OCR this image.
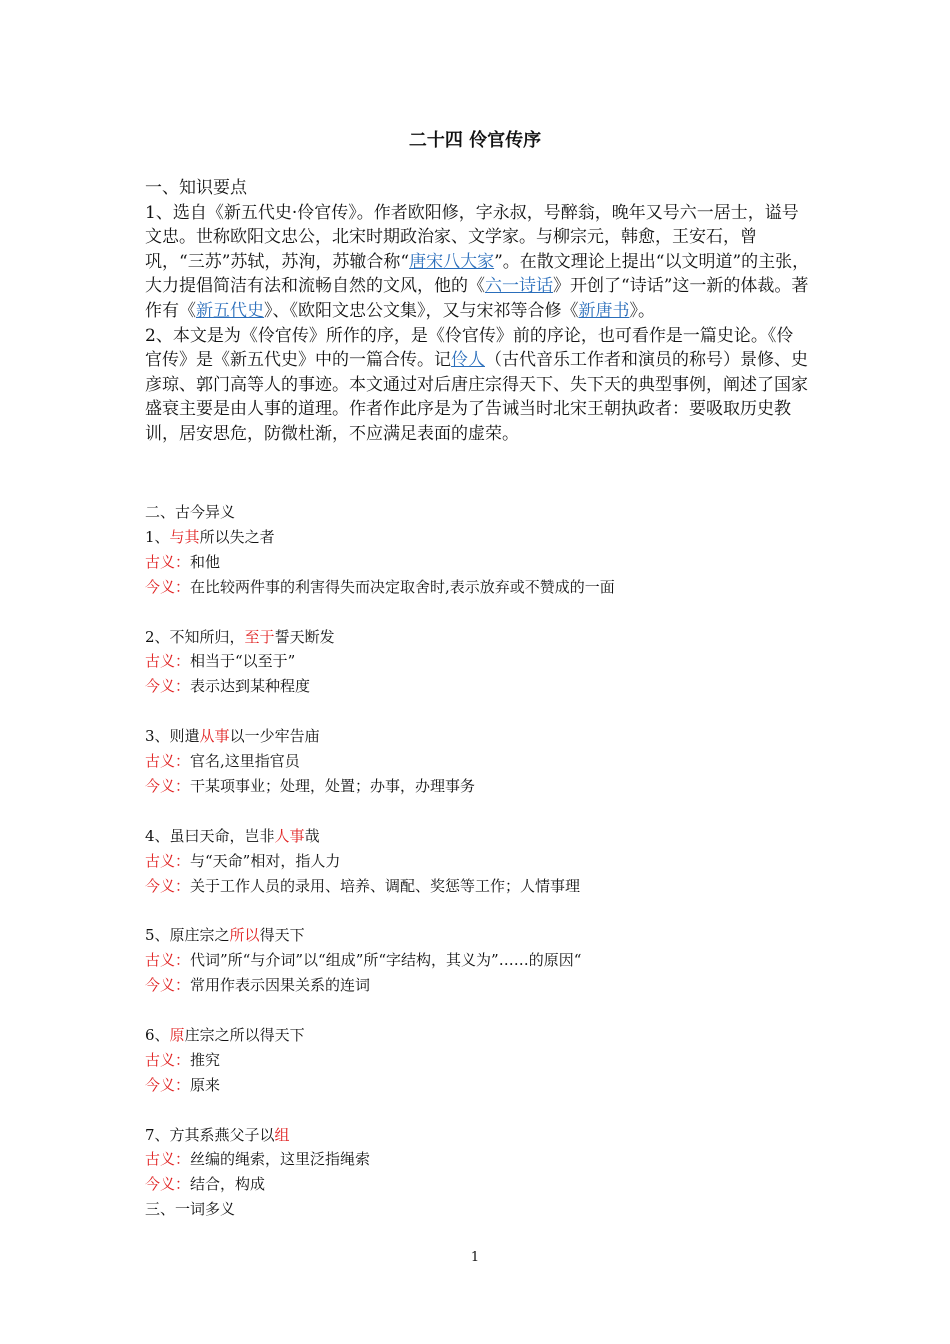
二十四 伶官传序

一、知识要点

1、选自《新五代史·伶官传》。作者欧阳修，字永叔，号醉翁，晚年又号六一居士，谥号文忠。世称欧阳文忠公，北宋时期政治家、文学家。与柳宗元，韩愈，王安石，曾巩，“三苏”苏轼，苏洵，苏辙合称“唐宋八大家”。在散文理论上提出“以文明道”的主张，大力提倡简洁有法和流畅自然的文风，他的《六一诗话》开创了“诗话”这一新的体裁。著作有《新五代史》、《欧阳文忠公文集》，又与宋祁等合修《新唐书》。

2、本文是为《伶官传》所作的序，是《伶官传》前的序论，也可看作是一篇史论。《伶官传》是《新五代史》中的一篇合传。记伶人（古代音乐工作者和演员的称号）景修、史彦琼、郭门高等人的事迹。本文通过对后唐庄宗得天下、失下天的典型事例，阐述了国家盛衰主要是由人事的道理。作者作此序是为了告诫当时北宋王朝执政者：要吸取历史教训，居安思危，防微杜渐，不应满足表面的虚荣。

二、古今异义
1、与其所以失之者
古义：和他
今义：在比较两件事的利害得失而决定取舍时,表示放弃或不赞成的一面
2、不知所归，至于誓天断发
古义：相当于“以至于”
今义：表示达到某种程度
3、则遣从事以一少牢告庙
古义：官名,这里指官员
今义：干某项事业；处理，处置；办事，办理事务
4、虽曰天命，岂非人事哉
古义：与“天命”相对，指人力
今义：关于工作人员的录用、培养、调配、奖惩等工作；人情事理
5、原庄宗之所以得天下
古义：代词”所“与介词”以“组成”所“字结构，其义为”……的原因“
今义：常用作表示因果关系的连词
6、原庄宗之所以得天下
古义：推究
今义：原来
7、方其系燕父子以组
古义：丝编的绳索，这里泛指绳索
今义：结合，构成
三、一词多义
1
